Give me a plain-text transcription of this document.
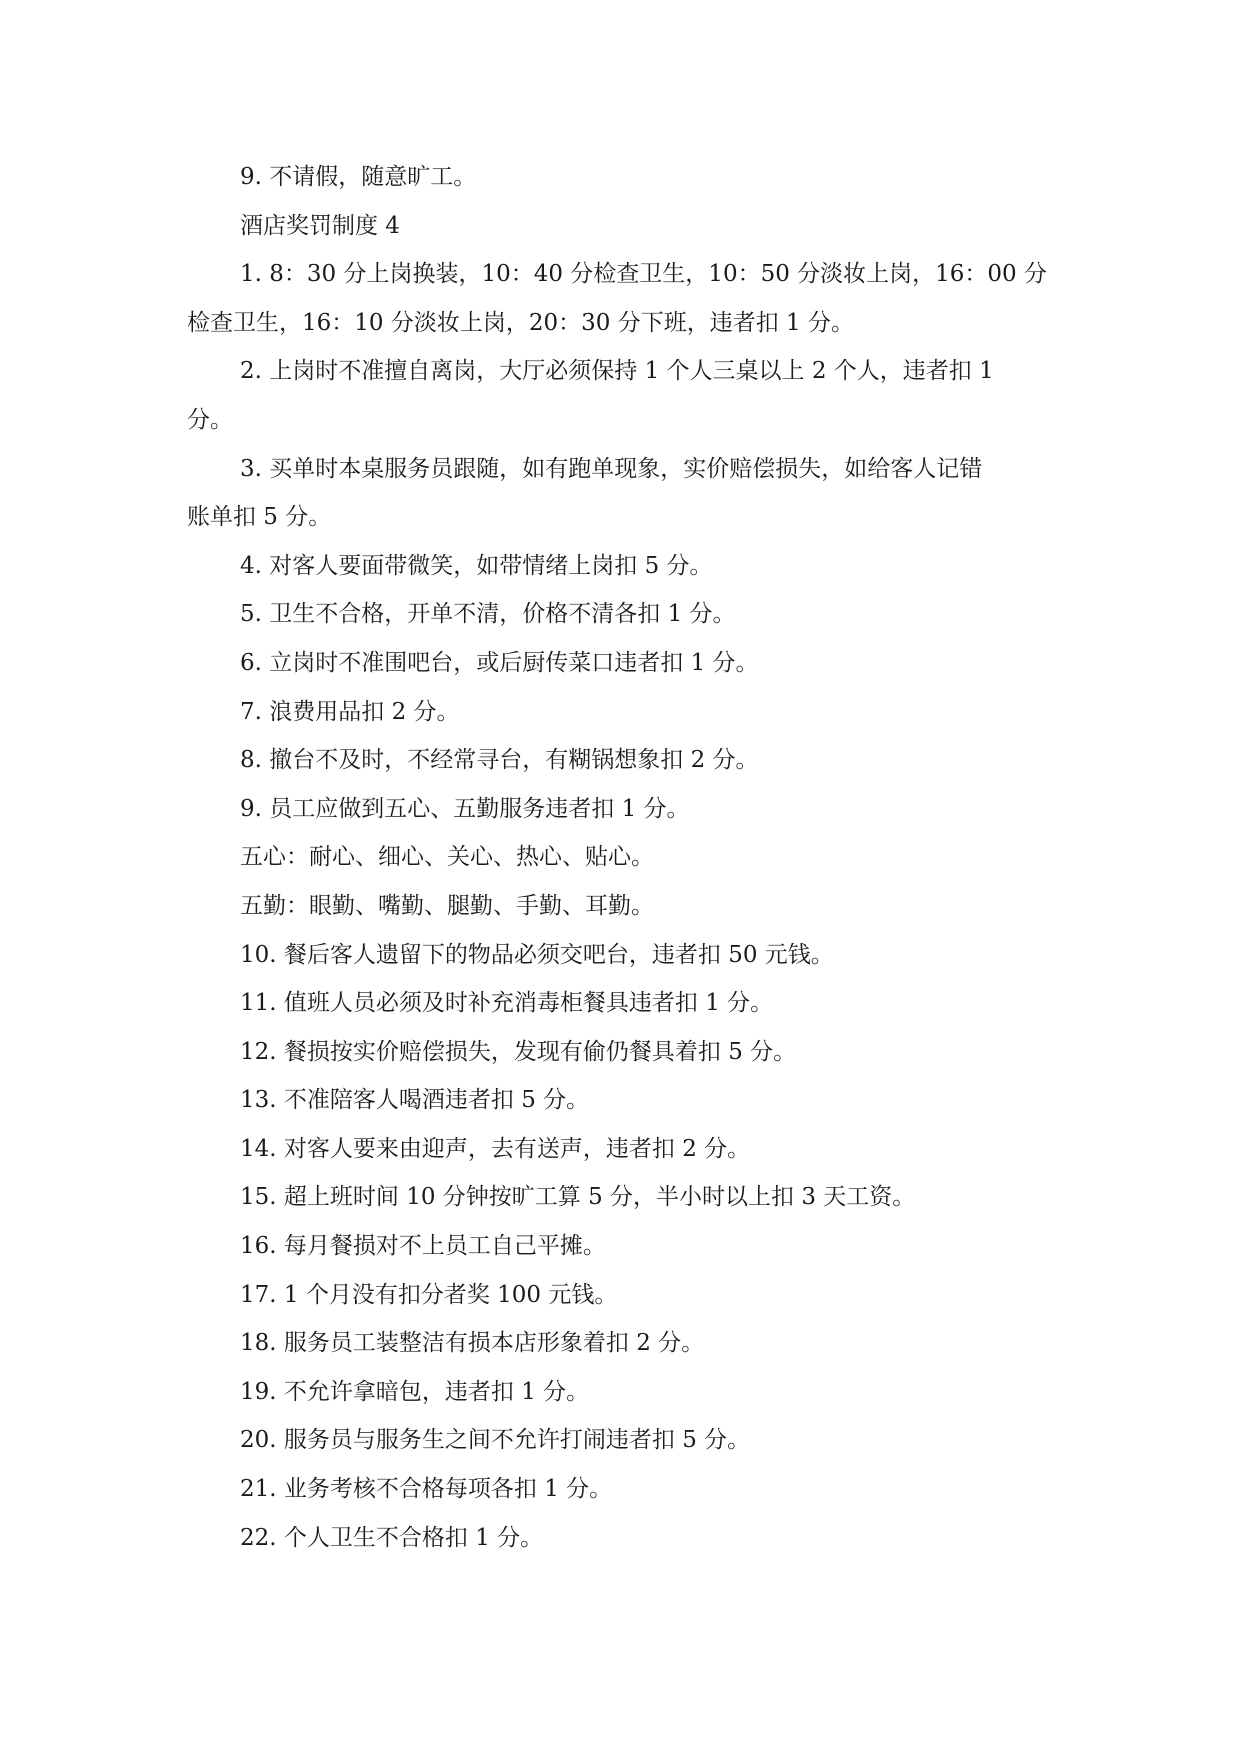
9. 不请假，随意旷工。
酒店奖罚制度 4
1. 8：30 分上岗换装，10：40 分检查卫生，10：50 分淡妆上岗，16：00 分
检查卫生，16：10 分淡妆上岗，20：30 分下班，违者扣 1 分。
2. 上岗时不准擅自离岗，大厅必须保持 1 个人三桌以上 2 个人，违者扣 1
分。
3. 买单时本桌服务员跟随，如有跑单现象，实价赔偿损失，如给客人记错
账单扣 5 分。
4. 对客人要面带微笑，如带情绪上岗扣 5 分。
5. 卫生不合格，开单不清，价格不清各扣 1 分。
6. 立岗时不准围吧台，或后厨传菜口违者扣 1 分。
7. 浪费用品扣 2 分。
8. 撤台不及时，不经常寻台，有糊锅想象扣 2 分。
9. 员工应做到五心、五勤服务违者扣 1 分。
五心：耐心、细心、关心、热心、贴心。
五勤：眼勤、嘴勤、腿勤、手勤、耳勤。
10. 餐后客人遗留下的物品必须交吧台，违者扣 50 元钱。
11. 值班人员必须及时补充消毒柜餐具违者扣 1 分。
12. 餐损按实价赔偿损失，发现有偷仍餐具着扣 5 分。
13. 不准陪客人喝酒违者扣 5 分。
14. 对客人要来由迎声，去有送声，违者扣 2 分。
15. 超上班时间 10 分钟按旷工算 5 分，半小时以上扣 3 天工资。
16. 每月餐损对不上员工自己平摊。
17. 1 个月没有扣分者奖 100 元钱。
18. 服务员工装整洁有损本店形象着扣 2 分。
19. 不允许拿暗包，违者扣 1 分。
20. 服务员与服务生之间不允许打闹违者扣 5 分。
21. 业务考核不合格每项各扣 1 分。
22. 个人卫生不合格扣 1 分。
